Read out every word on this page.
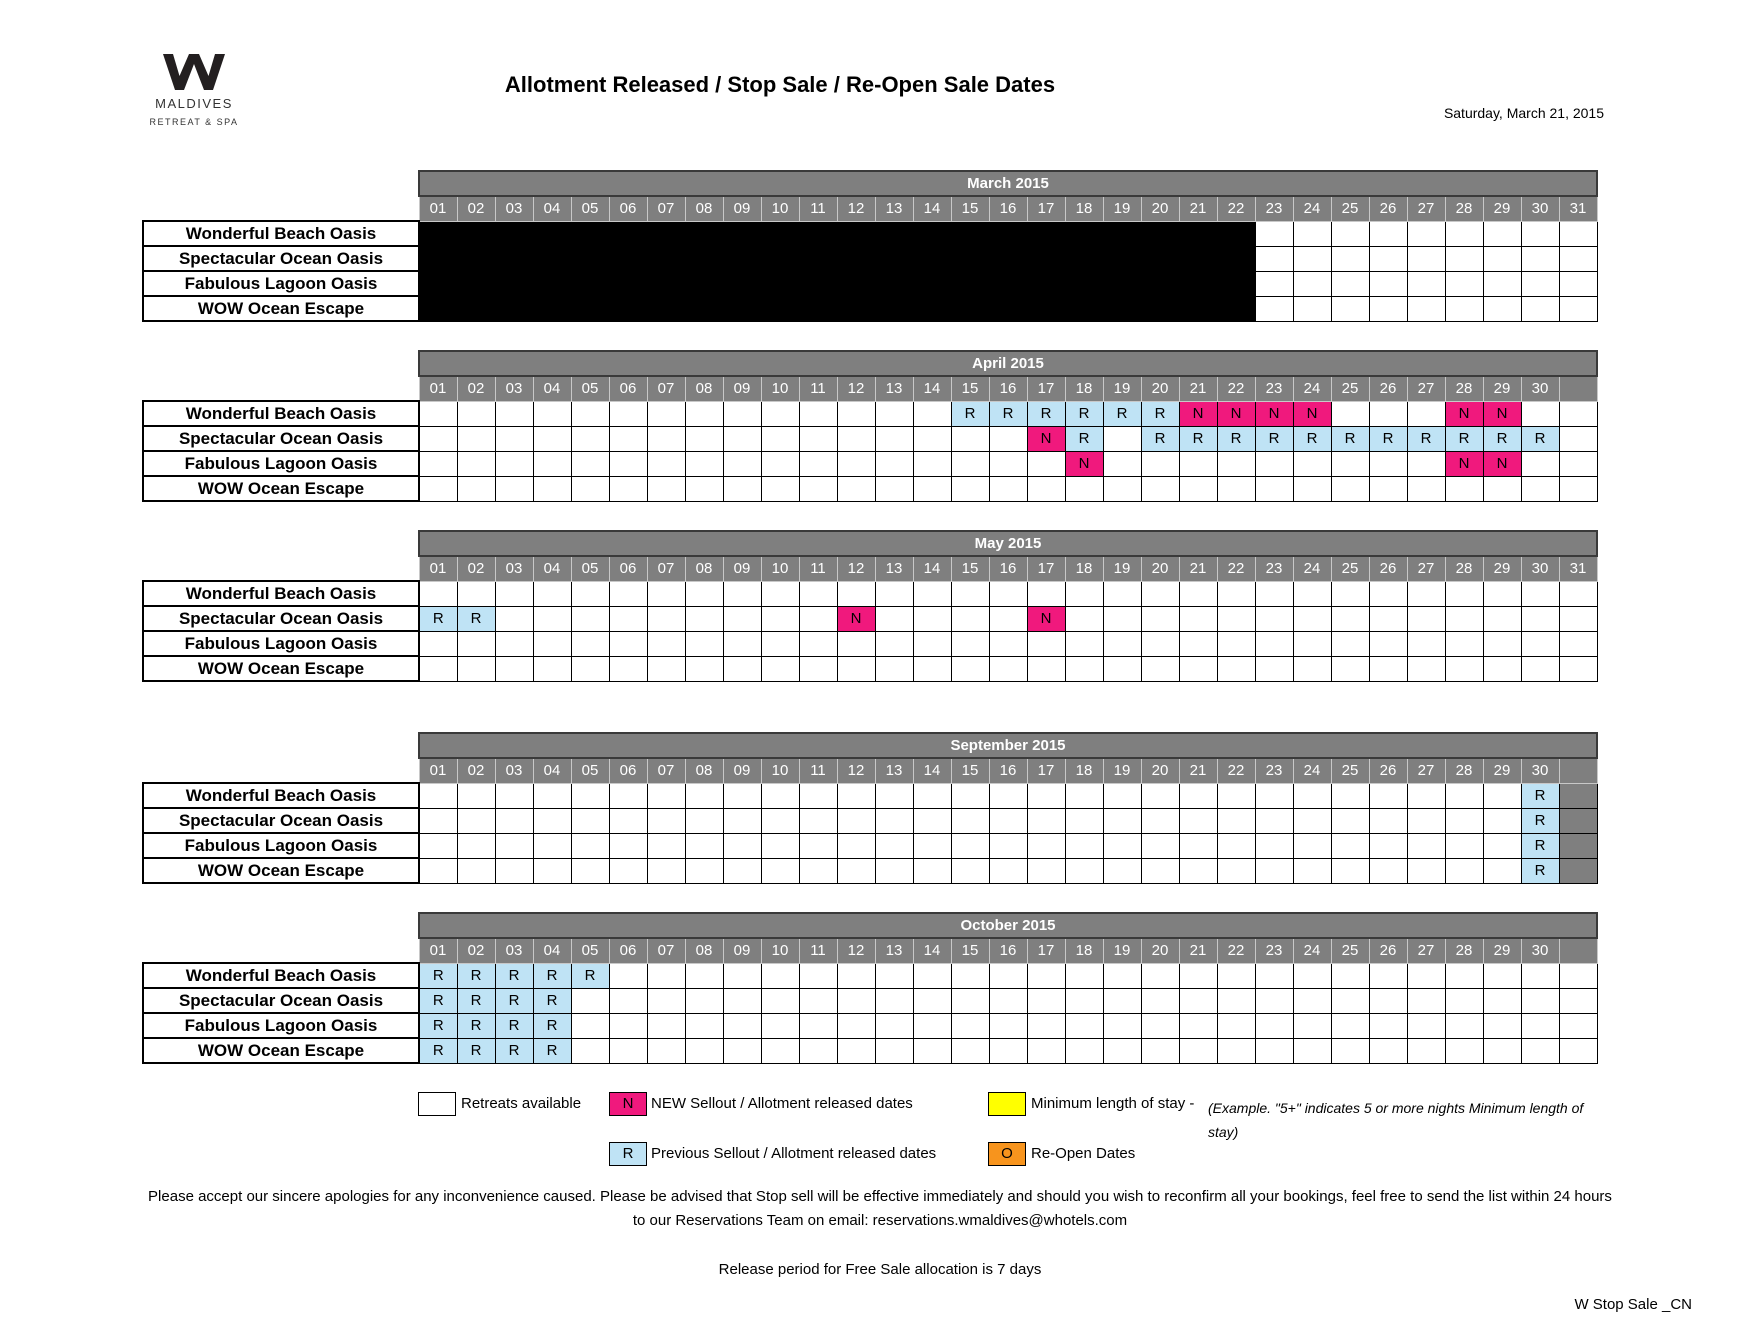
MALDIVES
RETREAT & SPA
Allotment Released / Stop Sale / Re-Open Sale Dates
Saturday, March 21, 2015
	March 2015																														
	01	02	03	04	05	06	07	08	09	10	11	12	13	14	15	16	17	18	19	20	21	22	23	24	25	26	27	28	29	30	31
Wonderful Beach Oasis																															
Spectacular Ocean Oasis																															
Fabulous Lagoon Oasis																															
WOW Ocean Escape																															
	April 2015																														
	01	02	03	04	05	06	07	08	09	10	11	12	13	14	15	16	17	18	19	20	21	22	23	24	25	26	27	28	29	30	
Wonderful Beach Oasis															R	R	R	R	R	R	N	N	N	N				N	N		
Spectacular Ocean Oasis																	N	R		R	R	R	R	R	R	R	R	R	R	R	
Fabulous Lagoon Oasis																		N										N	N		
WOW Ocean Escape																															
	May 2015																														
	01	02	03	04	05	06	07	08	09	10	11	12	13	14	15	16	17	18	19	20	21	22	23	24	25	26	27	28	29	30	31
Wonderful Beach Oasis																															
Spectacular Ocean Oasis	R	R										N					N														
Fabulous Lagoon Oasis																															
WOW Ocean Escape																															
	September 2015																														
	01	02	03	04	05	06	07	08	09	10	11	12	13	14	15	16	17	18	19	20	21	22	23	24	25	26	27	28	29	30	
Wonderful Beach Oasis																														R	
Spectacular Ocean Oasis																														R	
Fabulous Lagoon Oasis																														R	
WOW Ocean Escape																														R	
	October 2015																														
	01	02	03	04	05	06	07	08	09	10	11	12	13	14	15	16	17	18	19	20	21	22	23	24	25	26	27	28	29	30	
Wonderful Beach Oasis	R	R	R	R	R																										
Spectacular Ocean Oasis	R	R	R	R																											
Fabulous Lagoon Oasis	R	R	R	R																											
WOW Ocean Escape	R	R	R	R																											
Retreats available	N	NEW Sellout / Allotment released dates	Minimum length of stay - (Example. "5+" indicates 5 or more nights Minimum length of stay)
R	Previous Sellout / Allotment released dates	O	Re-Open Dates
Please accept our sincere apologies for any inconvenience caused. Please be advised that Stop sell will be effective immediately and should you wish to reconfirm all your bookings, feel free to send the list within 24 hours to our Reservations Team on email: reservations.wmaldives@whotels.com
Release period for Free Sale allocation is 7 days
W Stop Sale _CN
